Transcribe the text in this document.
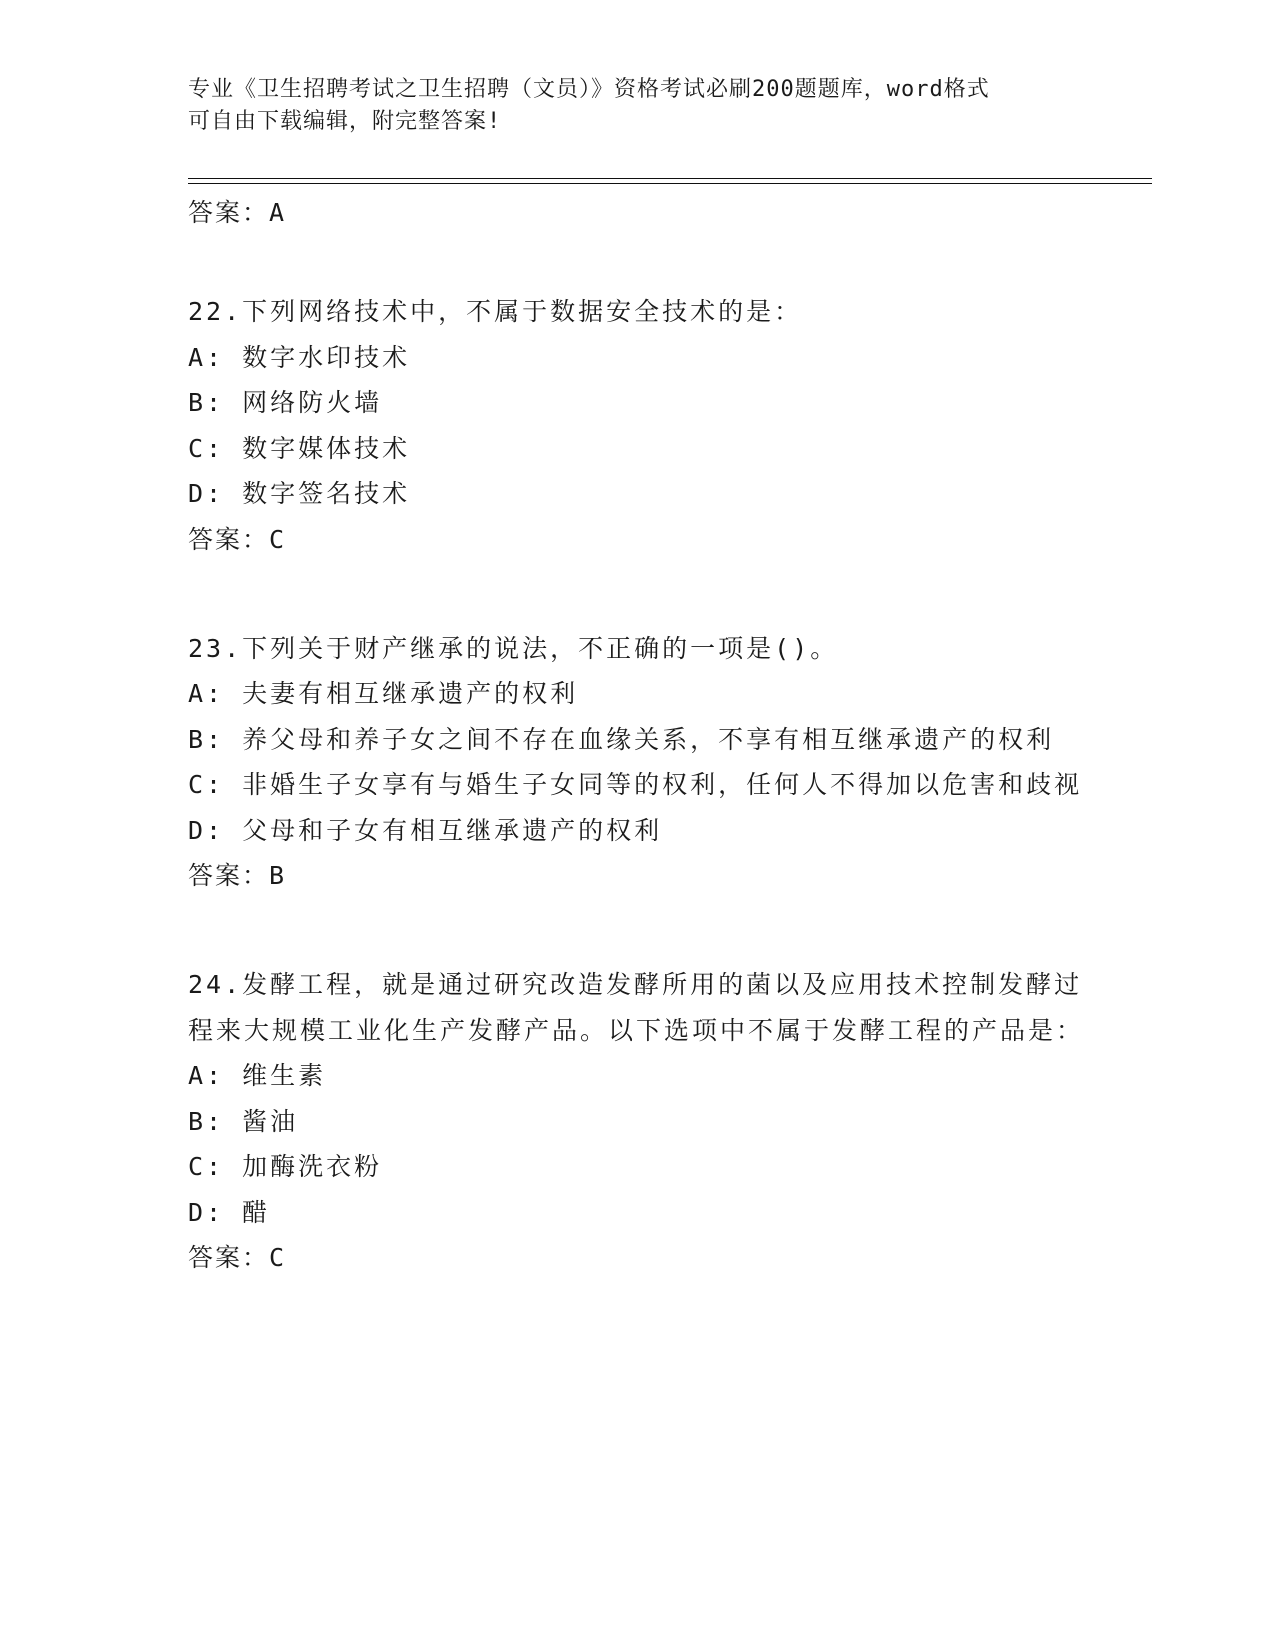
专业《卫生招聘考试之卫生招聘（文员）》资格考试必刷200题题库，word格式
可自由下载编辑，附完整答案!
答案：A
22.下列网络技术中，不属于数据安全技术的是：
A: 数字水印技术
B: 网络防火墙
C: 数字媒体技术
D: 数字签名技术
答案：C
23.下列关于财产继承的说法，不正确的一项是()。
A: 夫妻有相互继承遗产的权利
B: 养父母和养子女之间不存在血缘关系，不享有相互继承遗产的权利
C: 非婚生子女享有与婚生子女同等的权利，任何人不得加以危害和歧视
D: 父母和子女有相互继承遗产的权利
答案：B
24.发酵工程，就是通过研究改造发酵所用的菌以及应用技术控制发酵过程来大规模工业化生产发酵产品。以下选项中不属于发酵工程的产品是：
A: 维生素
B: 酱油
C: 加酶洗衣粉
D: 醋
答案：C
